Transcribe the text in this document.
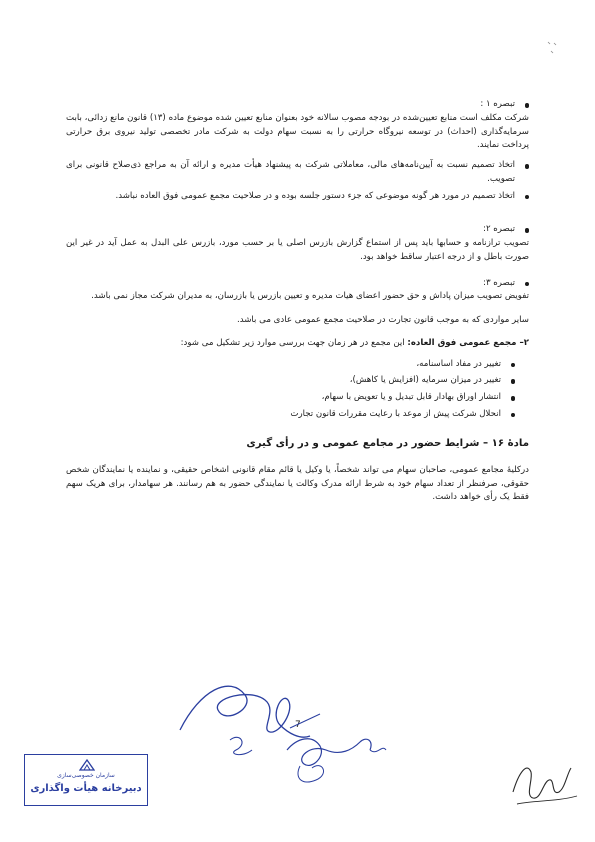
تبصره ۱ :

شرکت مکلف است منابع تعیین‌شده در بودجه مصوب سالانه خود بعنوان منابع تعیین شده موضوع ماده (۱۳) قانون مانع زدائی، بابت سرمایه‌گذاری (احداث) در توسعه نیروگاه حرارتی را به نسبت سهام دولت به شرکت مادر تخصصی تولید نیروی برق حرارتی پرداخت نمایند.

اتخاذ تصمیم نسبت به آیین‌نامه‌های مالی، معاملاتی شرکت به پیشنهاد هیأت مدیره و ارائه آن به مراجع ذی‌صلاح قانونی برای تصویب.

اتخاذ تصمیم در مورد هر گونه موضوعی که جزء دستور جلسه بوده و در صلاحیت مجمع عمومی فوق العاده نباشد.

تبصره ۲:

تصویب ترازنامه و حسابها باید پس از استماع گزارش بازرس اصلی یا بر حسب مورد، بازرس علی البدل به عمل آید در غیر این صورت باطل و از درجه اعتبار ساقط خواهد بود.

تبصره ۳:

تفویض تصویب میزان پاداش و حق حضور اعضای هیات مدیره و تعیین بازرس یا بازرسان، به مدیران شرکت مجاز نمی باشد.

سایر مواردی که به موجب قانون تجارت در صلاحیت مجمع عمومی عادی می باشد.

۲– مجمع عمومی فوق العاده: این مجمع در هر زمان جهت بررسی موارد زیر تشکیل می شود:

تغییر در مفاد اساسنامه،

تغییر در میزان سرمایه (افزایش یا کاهش)،

انتشار اوراق بهادار قابل تبدیل و یا تعویض با سهام،

انحلال شرکت پیش از موعد با رعایت مقررات قانون تجارت

مادهٔ ۱۶ – شرایط حضور در مجامع عمومی و در رأی گیری

درکلیهٔ مجامع عمومی، صاحبان سهام می تواند شخصاً، یا وکیل یا قائم مقام قانونی اشخاص حقیقی، و نماینده یا نمایندگان شخص حقوقی، صرفنظر از تعداد سهام خود به شرط ارائه مدرک وکالت یا نمایندگی حضور به هم رسانند. هر سهامدار، برای هریک سهم فقط یک رأی خواهد داشت.

7
سازمان خصوصی‌سازی
دبیرخانه هیأت واگذاری
